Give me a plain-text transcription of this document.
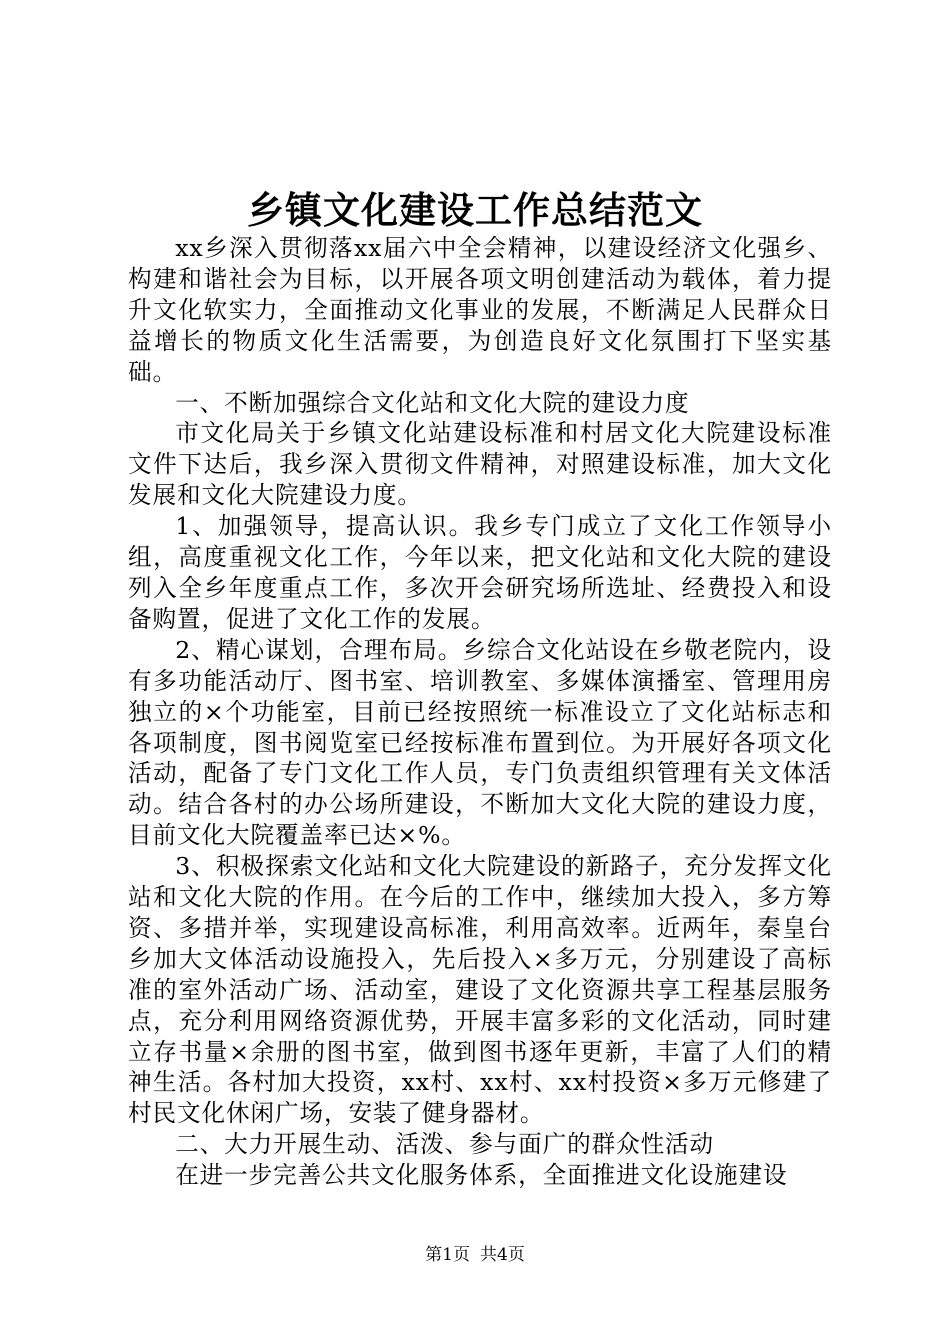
乡镇文化建设工作总结范文

xx乡深入贯彻落xx届六中全会精神，以建设经济文化强乡、构建和谐社会为目标，以开展各项文明创建活动为载体，着力提升文化软实力，全面推动文化事业的发展，不断满足人民群众日益增长的物质文化生活需要，为创造良好文化氛围打下坚实基础。

一、不断加强综合文化站和文化大院的建设力度

市文化局关于乡镇文化站建设标准和村居文化大院建设标准文件下达后，我乡深入贯彻文件精神，对照建设标准，加大文化发展和文化大院建设力度。

1、加强领导，提高认识。我乡专门成立了文化工作领导小组，高度重视文化工作，今年以来，把文化站和文化大院的建设列入全乡年度重点工作，多次开会研究场所选址、经费投入和设备购置，促进了文化工作的发展。

2、精心谋划，合理布局。乡综合文化站设在乡敬老院内，设有多功能活动厅、图书室、培训教室、多媒体演播室、管理用房独立的×个功能室，目前已经按照统一标准设立了文化站标志和各项制度，图书阅览室已经按标准布置到位。为开展好各项文化活动，配备了专门文化工作人员，专门负责组织管理有关文体活动。结合各村的办公场所建设，不断加大文化大院的建设力度，目前文化大院覆盖率已达×%。

3、积极探索文化站和文化大院建设的新路子，充分发挥文化站和文化大院的作用。在今后的工作中，继续加大投入，多方筹资、多措并举，实现建设高标准，利用高效率。近两年，秦皇台乡加大文体活动设施投入，先后投入×多万元，分别建设了高标准的室外活动广场、活动室，建设了文化资源共享工程基层服务点，充分利用网络资源优势，开展丰富多彩的文化活动，同时建立存书量×余册的图书室，做到图书逐年更新，丰富了人们的精神生活。各村加大投资，xx村、xx村、xx村投资×多万元修建了村民文化休闲广场，安装了健身器材。

二、大力开展生动、活泼、参与面广的群众性活动

在进一步完善公共文化服务体系，全面推进文化设施建设

第1页 共4页
